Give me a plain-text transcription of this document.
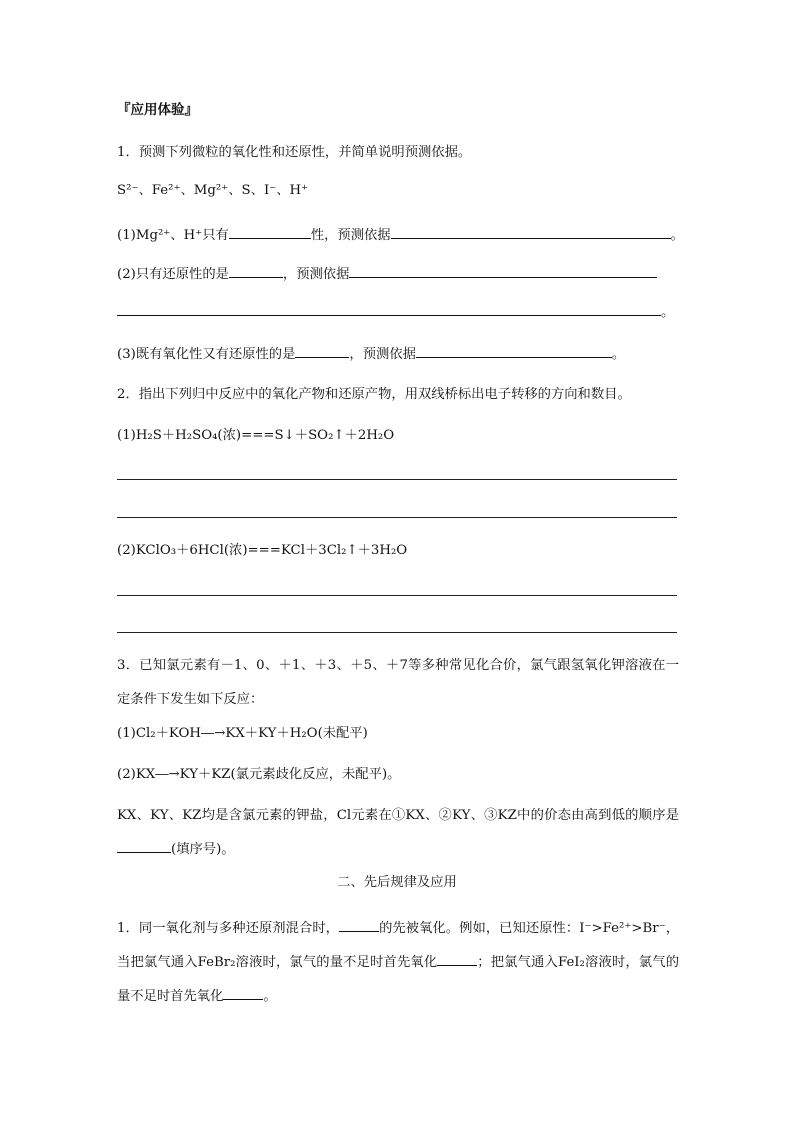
『应用体验』
1．预测下列微粒的氧化性和还原性，并简单说明预测依据。
S²⁻、Fe²⁺、Mg²⁺、S、I⁻、H⁺
(1)Mg²⁺、H⁺只有	性，预测依据	。
(2)只有还原性的是	，预测依据
。
(3)既有氧化性又有还原性的是	，预测依据	。
2．指出下列归中反应中的氧化产物和还原产物，用双线桥标出电子转移的方向和数目。
(1)H₂S＋H₂SO₄(浓)===S↓＋SO₂↑＋2H₂O
(2)KClO₃＋6HCl(浓)===KCl＋3Cl₂↑＋3H₂O
3．已知氯元素有－1、0、＋1、＋3、＋5、＋7等多种常见化合价，氯气跟氢氧化钾溶液在一定条件下发生如下反应：
(1)Cl₂＋KOH―→KX＋KY＋H₂O(未配平)
(2)KX―→KY＋KZ(氯元素歧化反应，未配平)。
KX、KY、KZ均是含氯元素的钾盐，Cl元素在①KX、②KY、③KZ中的价态由高到低的顺序是(填序号)。
二、先后规律及应用
1．同一氧化剂与多种还原剂混合时，	的先被氧化。例如，已知还原性：I⁻>Fe²⁺>Br⁻，当把氯气通入FeBr₂溶液时，氯气的量不足时首先氧化	；把氯气通入FeI₂溶液时，氯气的量不足时首先氧化	。
